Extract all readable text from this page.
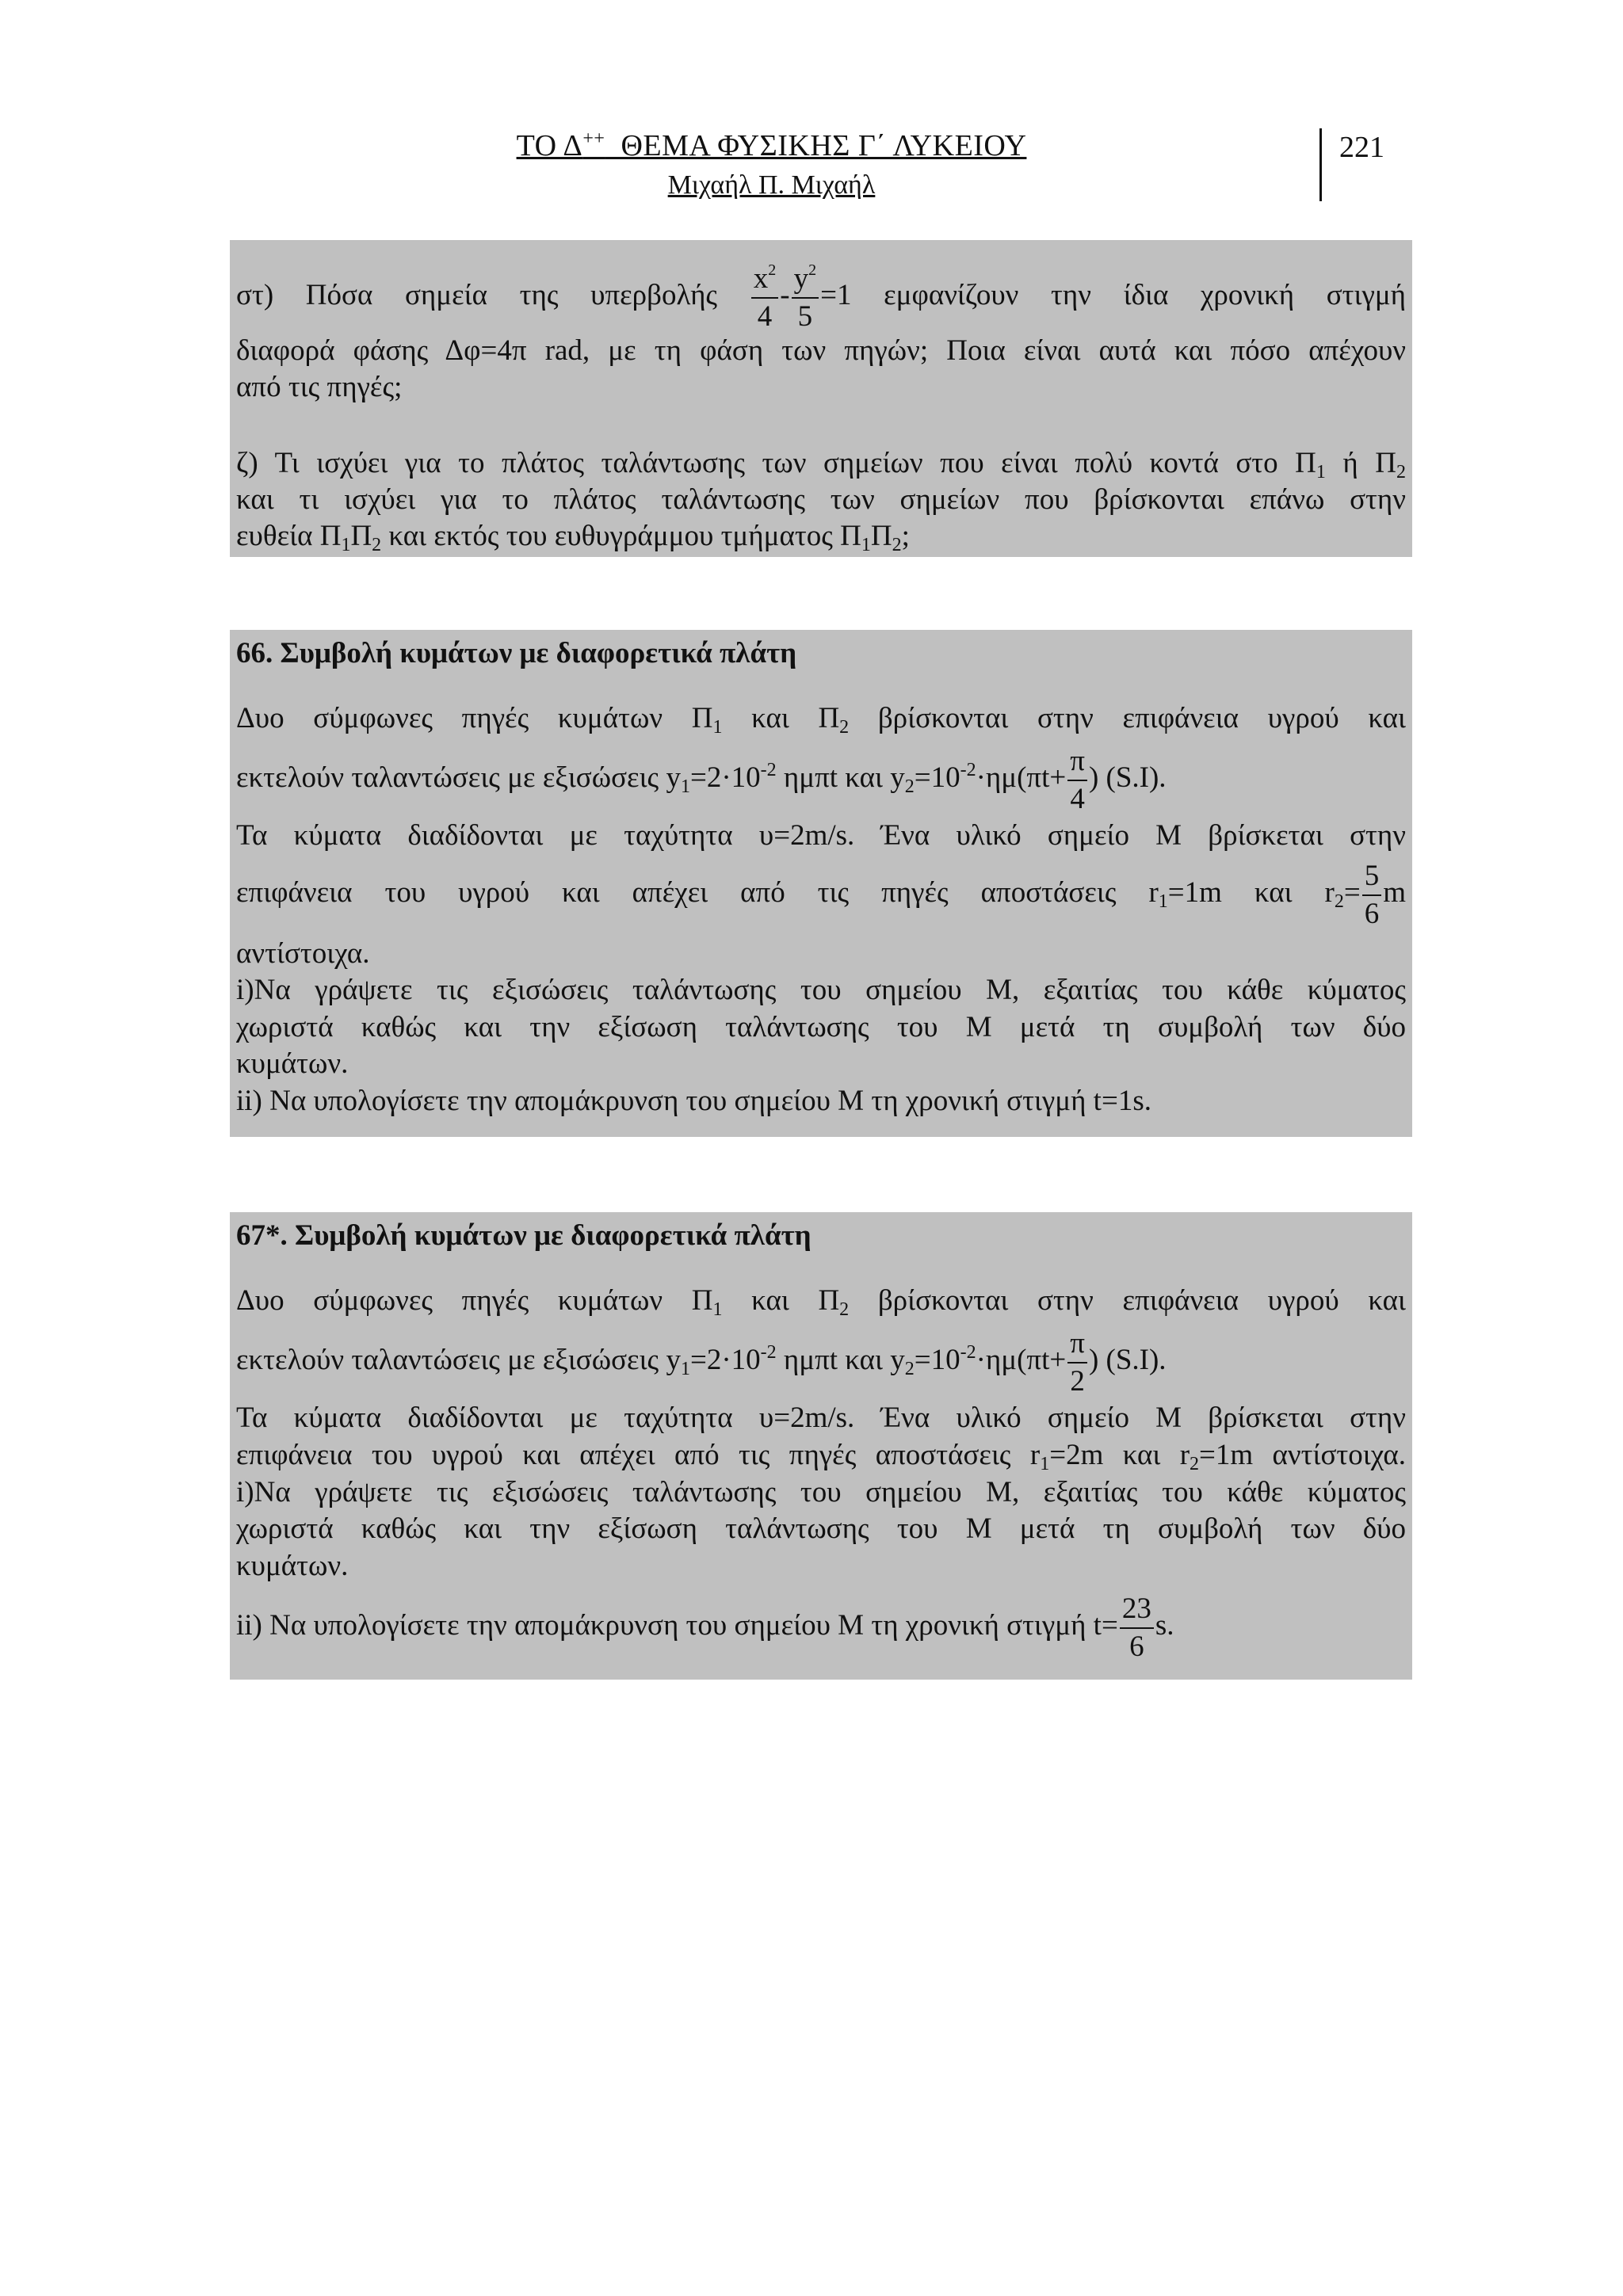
ΤΟ Δ++  ΘΕΜΑ ΦΥΣΙΚΗΣ Γ΄ ΛΥΚΕΙΟΥ
Μιχαήλ Π. Μιχαήλ
221
στ) Πόσα σημεία της υπερβολής $\frac{x^2}{4} - \frac{y^2}{5} =1$ εμφανίζουν την ίδια χρονική στιγμή
διαφορά φάσης Δφ=4π rad, με τη φάση των πηγών; Ποια είναι αυτά και πόσο απέχουν
από τις πηγές;
ζ) Τι ισχύει για το πλάτος ταλάντωσης των σημείων που είναι πολύ κοντά στο $\Pi_1$ ή $\Pi_2$
και τι ισχύει για το πλάτος ταλάντωσης των σημείων που βρίσκονται επάνω στην
ευθεία $\Pi_1\Pi_2$ και εκτός του ευθυγράμμου τμήματος $\Pi_1\Pi_2$;
66. Συμβολή κυμάτων με διαφορετικά πλάτη
Δυο σύμφωνες πηγές κυμάτων $\Pi_1$ και $\Pi_2$ βρίσκονται στην επιφάνεια υγρού και
εκτελούν ταλαντώσεις με εξισώσεις $y_1=2\cdot 10^{-2}$ ημπt και $y_2=10^{-2}\cdot\eta\mu(\pi t+ \frac{\pi}{4}$ ) (S.I).
Τα κύματα διαδίδονται με ταχύτητα υ=2m/s. Ένα υλικό σημείο Μ βρίσκεται στην
επιφάνεια του υγρού και απέχει από τις πηγές αποστάσεις $r_1=1m$ και $r_2= \frac{5}{6}$ m
αντίστοιχα.
i)Να γράψετε τις εξισώσεις ταλάντωσης του σημείου Μ, εξαιτίας του κάθε κύματος
χωριστά καθώς και την εξίσωση ταλάντωσης του Μ μετά τη συμβολή των δύο
κυμάτων.
ii) Να υπολογίσετε την απομάκρυνση του σημείου Μ τη χρονική στιγμή t=1s.
67*. Συμβολή κυμάτων με διαφορετικά πλάτη
Δυο σύμφωνες πηγές κυμάτων $\Pi_1$ και $\Pi_2$ βρίσκονται στην επιφάνεια υγρού και
εκτελούν ταλαντώσεις με εξισώσεις $y_1=2\cdot 10^{-2}$ ημπt και $y_2=10^{-2}\cdot\eta\mu(\pi t+ \frac{\pi}{2}$ ) (S.I).
Τα κύματα διαδίδονται με ταχύτητα υ=2m/s. Ένα υλικό σημείο Μ βρίσκεται στην
επιφάνεια του υγρού και απέχει από τις πηγές αποστάσεις $r_1=2m$ και $r_2=1m$ αντίστοιχα.
i)Να γράψετε τις εξισώσεις ταλάντωσης του σημείου Μ, εξαιτίας του κάθε κύματος
χωριστά καθώς και την εξίσωση ταλάντωσης του Μ μετά τη συμβολή των δύο
κυμάτων.
ii) Να υπολογίσετε την απομάκρυνση του σημείου Μ τη χρονική στιγμή $t= \frac{23}{6} s$.
